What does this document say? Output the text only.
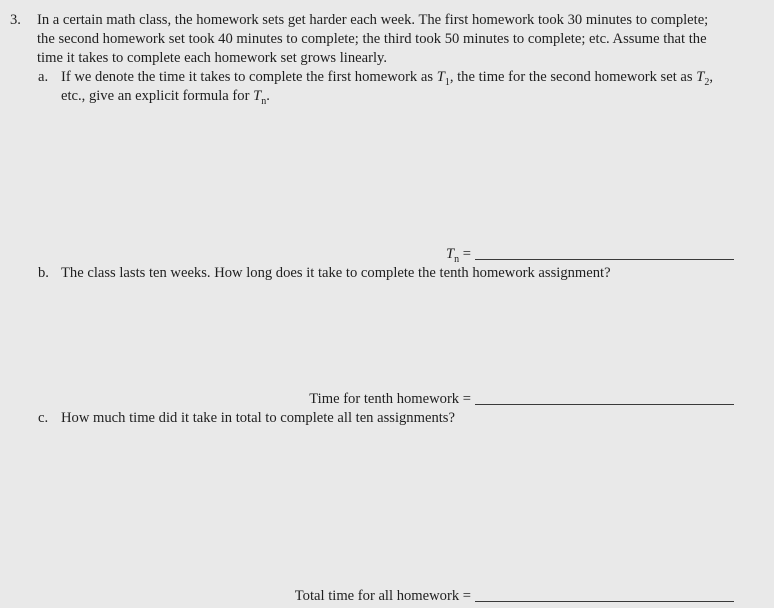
3. In a certain math class, the homework sets get harder each week. The first homework took 30 minutes to complete; the second homework set took 40 minutes to complete; the third took 50 minutes to complete; etc. Assume that the time it takes to complete each homework set grows linearly.
a. If we denote the time it takes to complete the first homework as $T_1$, the time for the second homework set as $T_2$, etc., give an explicit formula for $T_n$.
$T_n$ =
b. The class lasts ten weeks. How long does it take to complete the tenth homework assignment?
Time for tenth homework =
c. How much time did it take in total to complete all ten assignments?
Total time for all homework =
